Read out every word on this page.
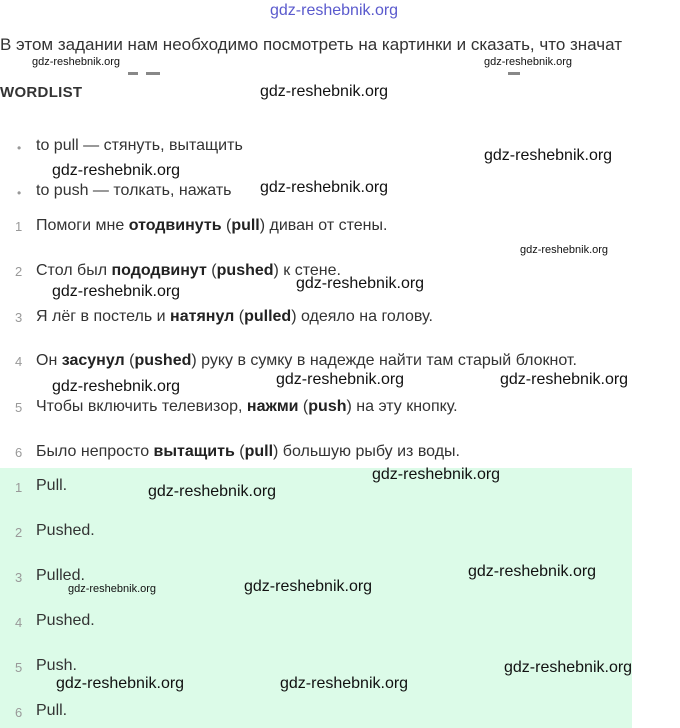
gdz-reshebnik.org
В этом задании нам необходимо посмотреть на картинки и сказать, что значат
WORDLIST
• to pull — стянуть, вытащить
• to push — толкать, нажать
1 Помоги мне отодвинуть (pull) диван от стены.
2 Стол был пододвинут (pushed) к стене.
3 Я лёг в постель и натянул (pulled) одеяло на голову.
4 Он засунул (pushed) руку в сумку в надежде найти там старый блокнот.
5 Чтобы включить телевизор, нажми (push) на эту кнопку.
6 Было непросто вытащить (pull) большую рыбу из воды.
1 Pull.
2 Pushed.
3 Pulled.
4 Pushed.
5 Push.
6 Pull.
gdz-reshebnik.org	gdz-reshebnik.org
gdz-reshebnik.org
gdz-reshebnik.org
gdz-reshebnik.org
gdz-reshebnik.org
gdz-reshebnik.org
gdz-reshebnik.org
gdz-reshebnik.org
gdz-reshebnik.org	gdz-reshebnik.org
gdz-reshebnik.org
gdz-reshebnik.org
gdz-reshebnik.org
gdz-reshebnik.org
gdz-reshebnik.org
gdz-reshebnik.org
gdz-reshebnik.org
gdz-reshebnik.org	gdz-reshebnik.org
